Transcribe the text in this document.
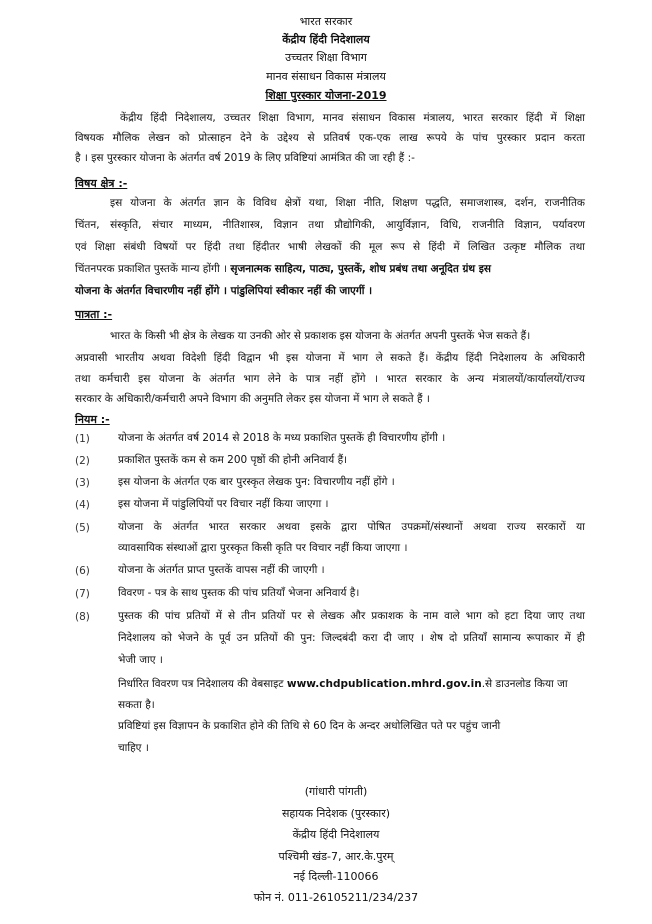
भारत सरकार
केंद्रीय हिंदी निदेशालय
उच्चतर शिक्षा विभाग
मानव संसाधन विकास मंत्रालय
शिक्षा पुरस्कार योजना-2019
केंद्रीय हिंदी निदेशालय, उच्चतर शिक्षा विभाग, मानव संसाधन विकास मंत्रालय, भारत सरकार हिंदी में शिक्षा
विषयक मौलिक लेखन को प्रोत्साहन देने के उद्देश्य से प्रतिवर्ष एक-एक लाख रूपये के पांच पुरस्कार प्रदान करता
है । इस पुरस्कार योजना के अंतर्गत वर्ष 2019 के लिए प्रविष्टियां आमंत्रित की जा रही हैं :-
विषय क्षेत्र :-
इस योजना के अंतर्गत ज्ञान के विविध क्षेत्रों यथा, शिक्षा नीति, शिक्षण पद्धति, समाजशास्त्र, दर्शन, राजनीतिक
चिंतन, संस्कृति, संचार माध्यम, नीतिशास्त्र, विज्ञान तथा प्रौद्योगिकी, आयुर्विज्ञान, विधि, राजनीति विज्ञान, पर्यावरण
एवं शिक्षा संबंधी विषयों पर हिंदी तथा हिंदीतर भाषी लेखकों की मूल रूप से हिंदी में लिखित उत्कृष्ट मौलिक तथा
चिंतनपरक प्रकाशित पुस्तकें मान्य होंगी । सृजनात्मक साहित्य, पाठ्य, पुस्तकें, शोध प्रबंध तथा अनूदित ग्रंथ इस
योजना के अंतर्गत विचारणीय नहीं होंगे । पांडुलिपियां स्वीकार नहीं की जाएगीं ।
पात्रता :-
भारत के किसी भी क्षेत्र के लेखक या उनकी ओर से प्रकाशक इस योजना के अंतर्गत अपनी पुस्तकें भेज सकते हैं।
अप्रवासी भारतीय अथवा विदेशी हिंदी विद्वान भी इस योजना में भाग ले सकते हैं। केंद्रीय हिंदी निदेशालय के अधिकारी
तथा कर्मचारी इस योजना के अंतर्गत भाग लेने के पात्र नहीं होंगे । भारत सरकार के अन्य मंत्रालयों/कार्यालयों/राज्य
सरकार के अधिकारी/कर्मचारी अपने विभाग की अनुमति लेकर इस योजना में भाग ले सकते हैं ।
नियम :-
(1)	योजना के अंतर्गत वर्ष 2014 से 2018 के मध्य प्रकाशित पुस्तकें ही विचारणीय होंगी ।
(2)	प्रकाशित पुस्तकें कम से कम 200 पृष्ठों की होनी अनिवार्य हैं।
(3)	इस योजना के अंतर्गत एक बार पुरस्कृत लेखक पुन: विचारणीय नहीं होंगे ।
(4)	इस योजना में पांडुलिपियों पर विचार नहीं किया जाएगा ।
(5)	योजना के अंतर्गत भारत सरकार अथवा इसके द्वारा पोषित उपक्रमों/संस्थानों अथवा राज्य सरकारों या
व्यावसायिक संस्थाओं द्वारा पुरस्कृत किसी कृति पर विचार नहीं किया जाएगा ।
(6)	योजना के अंतर्गत प्राप्त पुस्तकें वापस नहीं की जाएगी ।
(7)	विवरण - पत्र के साथ पुस्तक की पांच प्रतियाँ भेजना अनिवार्य है।
(8)	पुस्तक की पांच प्रतियों में से तीन प्रतियों पर से लेखक और प्रकाशक के नाम वाले भाग को हटा दिया जाए तथा
निदेशालय को भेजने के पूर्व उन प्रतियों की पुन: जिल्दबंदी करा दी जाए । शेष दो प्रतियाँ सामान्य रूपाकार में ही
भेजी जाए ।
निर्धारित विवरण पत्र निदेशालय की वेबसाइट www.chdpublication.mhrd.gov.in.से डाउनलोड किया जा
सकता है।
प्रविष्टियां इस विज्ञापन के प्रकाशित होने की तिथि से 60 दिन के अन्दर अधोलिखित पते पर पहुंच जानी
चाहिए ।
(गांधारी पांगती)
सहायक निदेशक (पुरस्कार)
केंद्रीय हिंदी निदेशालय
पश्चिमी खंड-7, आर.के.पुरम्
नई दिल्ली-110066
फोन नं. 011-26105211/234/237
